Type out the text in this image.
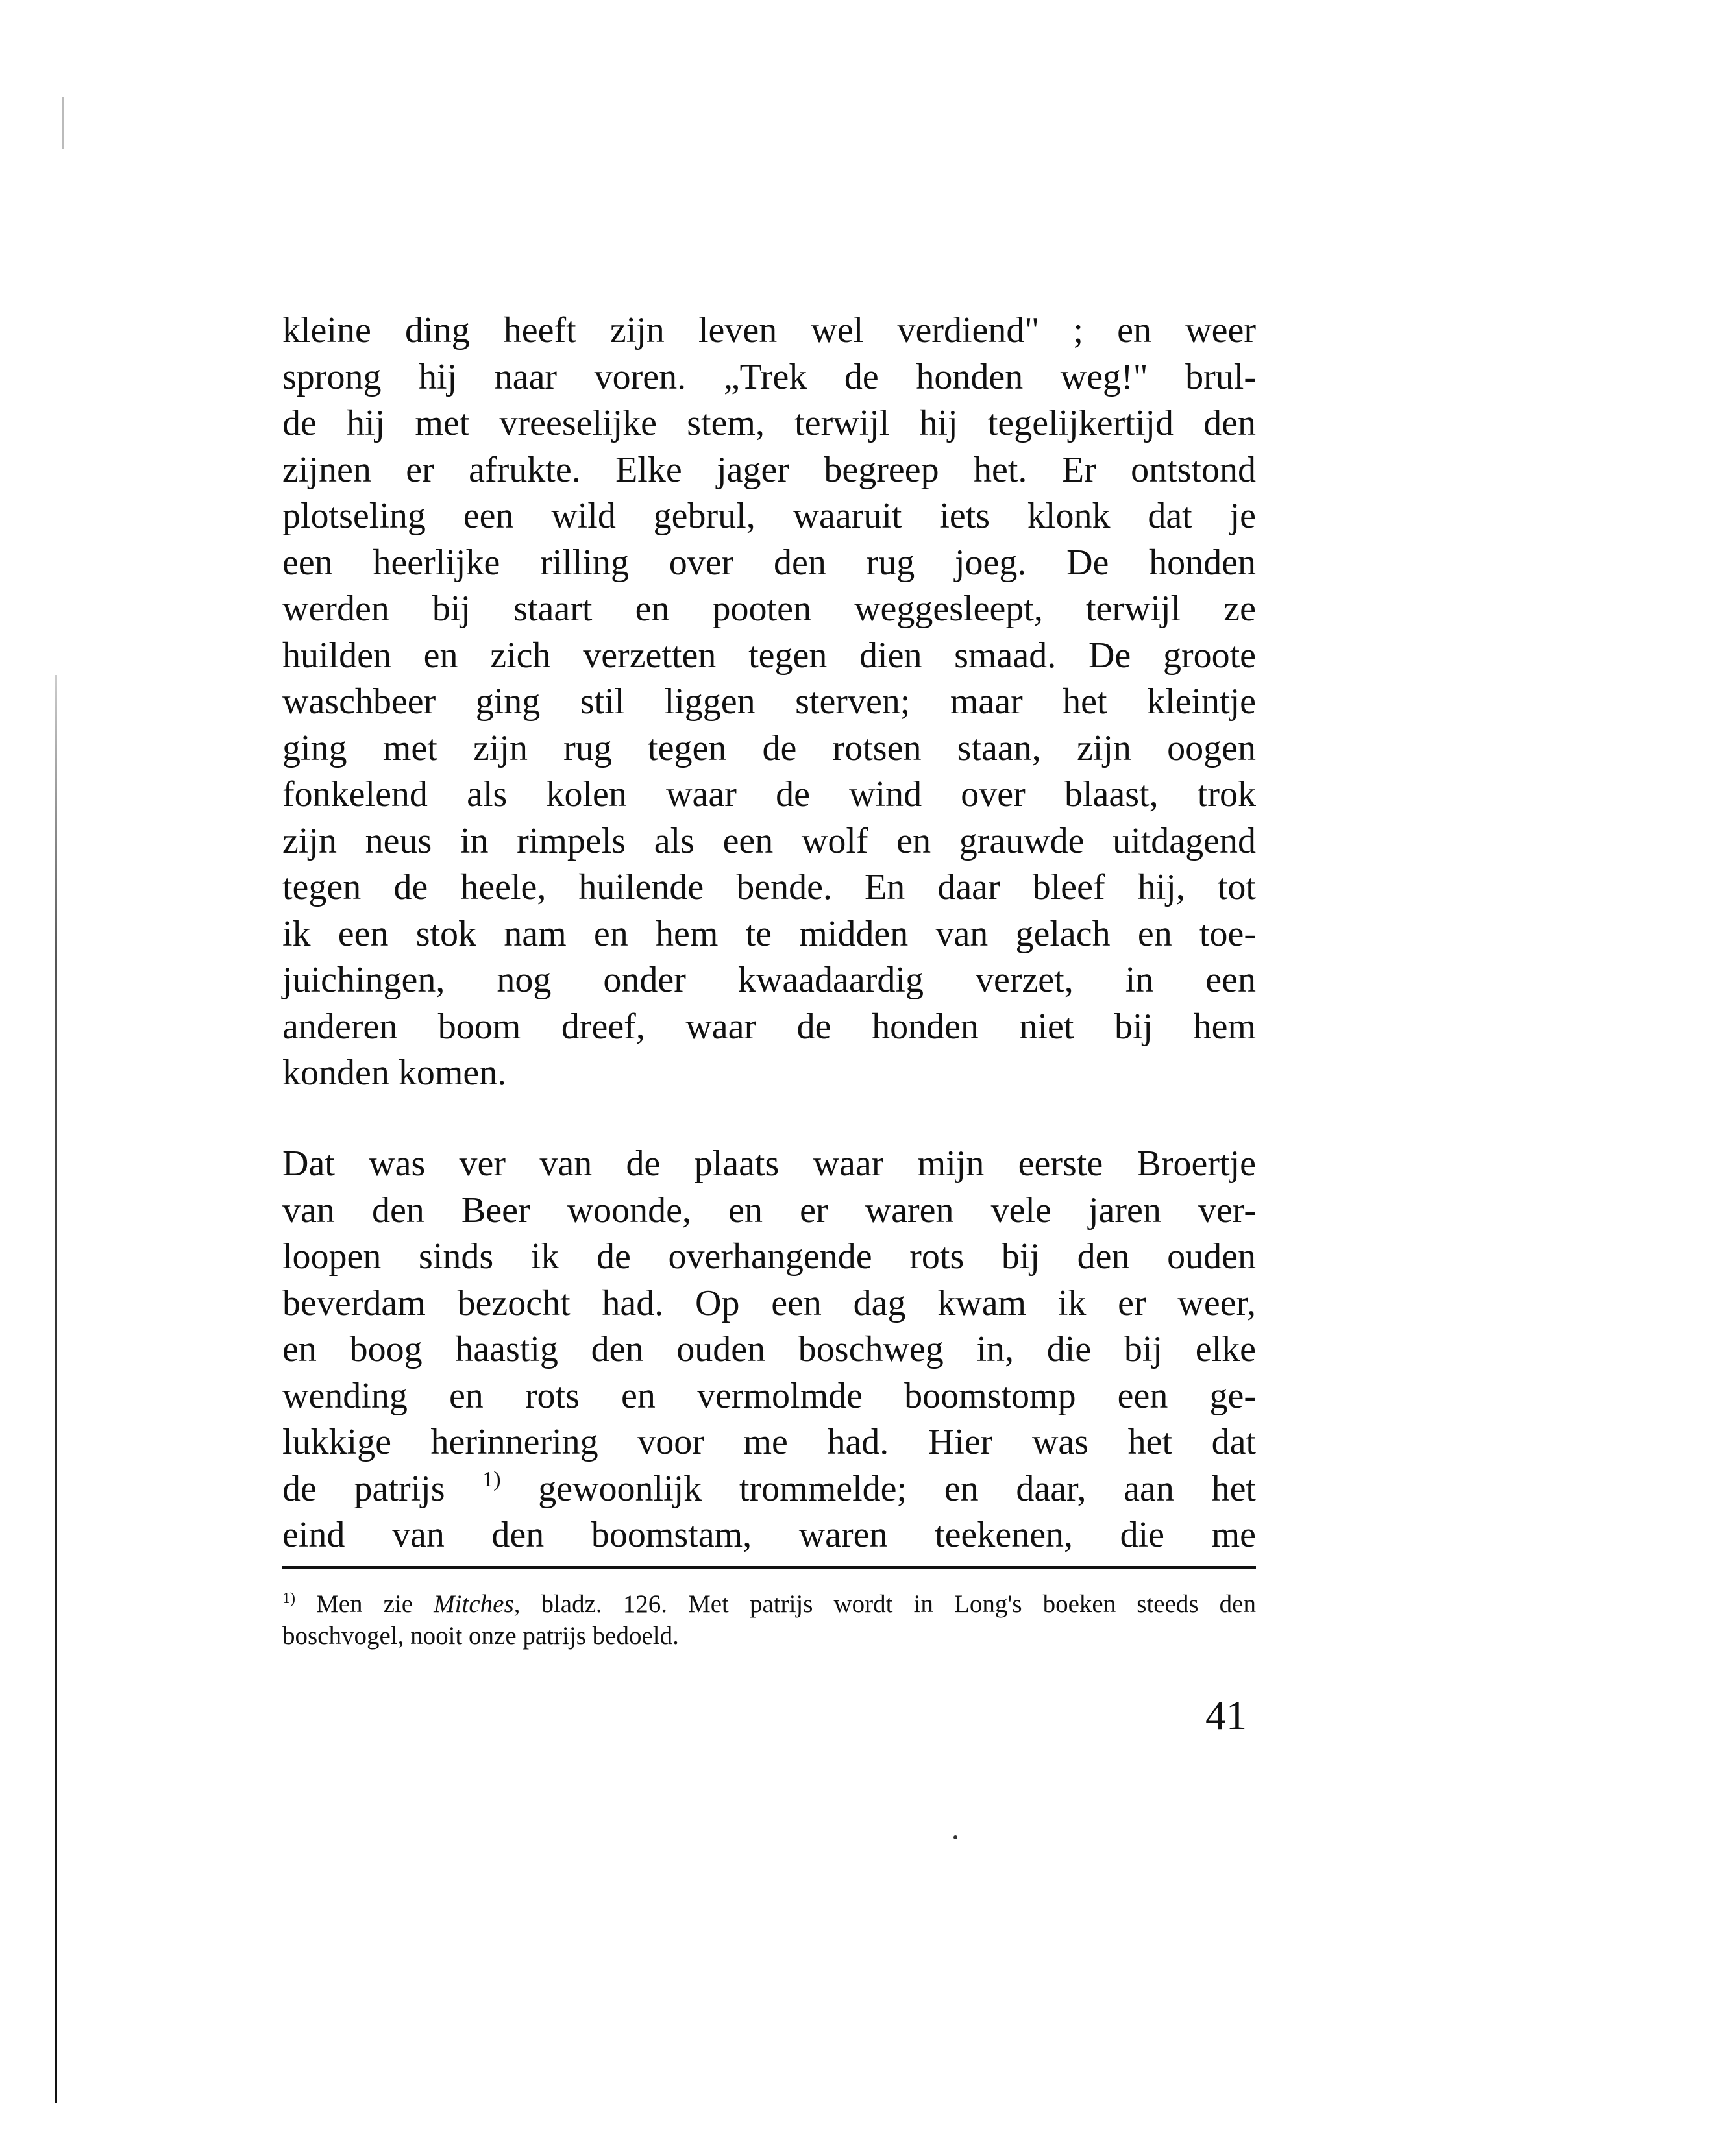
kleine ding heeft zijn leven wel verdiend" ; en weer
sprong hij naar voren. „Trek de honden weg!" brul-
de hij met vreeselijke stem, terwijl hij tegelijkertijd den
zijnen er afrukte. Elke jager begreep het. Er ontstond
plotseling een wild gebrul, waaruit iets klonk dat je
een heerlijke rilling over den rug joeg. De honden
werden bij staart en pooten weggesleept, terwijl ze
huilden en zich verzetten tegen dien smaad. De groote
waschbeer ging stil liggen sterven; maar het kleintje
ging met zijn rug tegen de rotsen staan, zijn oogen
fonkelend als kolen waar de wind over blaast, trok
zijn neus in rimpels als een wolf en grauwde uitdagend
tegen de heele, huilende bende. En daar bleef hij, tot
ik een stok nam en hem te midden van gelach en toe-
juichingen, nog onder kwaadaardig verzet, in een
anderen boom dreef, waar de honden niet bij hem
konden komen.
Dat was ver van de plaats waar mijn eerste Broertje
van den Beer woonde, en er waren vele jaren ver-
loopen sinds ik de overhangende rots bij den ouden
beverdam bezocht had. Op een dag kwam ik er weer,
en boog haastig den ouden boschweg in, die bij elke
wending en rots en vermolmde boomstomp een ge-
lukkige herinnering voor me had. Hier was het dat
de patrijs $^{1)}$ gewoonlijk trommelde; en daar, aan het
eind van den boomstam, waren teekenen, die me
$^{1)}$ Men zie Mitches, bladz. 126. Met patrijs wordt in Long's boeken steeds den
boschvogel, nooit onze patrijs bedoeld.
41
